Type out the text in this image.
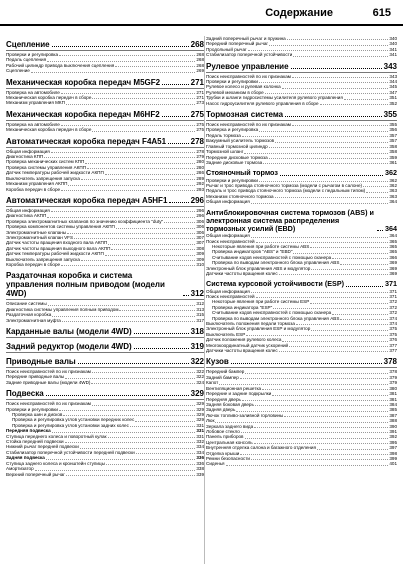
Содержание	615
Сцепление	268
Проверки и регулировка	268
Педаль сцепления	268
Рабочий цилиндр привода выключения сцепления	268
Сцепление	269
Механическая коробка передач M5GF2	271
Проверка на автомобиле	271
Механическая коробка передач в сборе	271
Механизм управления МКП	273
Механическая коробка передач M6HF2	275
Проверка на автомобиле	275
Механическая коробка передач в сборе	275
Автоматическая коробка передач F4A51	278
Общая информация	278
Диагностика КПП	279
Проверка механических систем КПП	280
Проверка системы управления АКПП	280
Датчик температуры рабочей жидкости АКПП	286
Выключатель запрещения запуска	289
Механизм управления АКПП	292
Коробка передач в сборе	293
Автоматическая коробка передач A5HF1	296
Общая информация	296
Диагностика АКПП	296
Проверка электромагнитных клапанов по значению коэффициента "duty"	306
Проверка компонентов системы управления АКПП	306
Электромагнитные клапаны	306
Электромагнитный клапан VFS	307
Датчик частоты вращения входного вала АКПП	307
Датчик частоты вращения выходного вала АКПП	308
Датчик температуры рабочей жидкости АКПП	309
Выключатель запрещения запуска	309
Коробка передач в сборе	310
Раздаточная коробка и система управления полным приводом (модели 4WD)	312
Описание системы	312
Диагностика системы управления полным приводом	313
Раздаточная коробка	315
Электромагнитная муфта	317
Карданные валы (модели 4WD)	318
Задний редуктор (модели 4WD)	319
Приводные валы	322
Поиск неисправностей по их признакам	322
Передние приводные валы	322
Задние приводные валы (модели 4WD)	324
Подвеска	329
Поиск неисправностей по их признакам	329
Проверки и регулировки	329
Проверка шин и дисков	329
Проверка и регулировка углов установки передних колес	329
Проверка и регулировка углов установки задних колес	331
Передняя подвеска	331
Ступица переднего колеса и поворотный кулак	331
Стойка передней подвески	332
Нижний рычаг передней подвески	334
Стабилизатор поперечной устойчивости передней подвески	334
Задняя подвеска	336
Ступица заднего колеса и кронштейн ступицы	336
Амортизатор	338
Верхний поперечный рычаг	339
Задний поперечный рычаг и пружина	340
Передний поперечный рычаг	340
Продольный рычаг	341
Стабилизатор поперечной устойчивости	341
Рулевое управление	343
Поиск неисправностей по их признакам	343
Проверки и регулировки	344
Рулевое колесо и рулевая колонка	345
Рулевой механизм в сборе	347
Трубки и шланги гидросистемы усилителя рулевого управления	351
Насос гидроусилителя рулевого управления в сборе	352
Тормозная система	355
Поиск неисправностей по их признакам	355
Проверка и регулировка	356
Педаль тормоза	357
Вакуумный усилитель тормозов	357
Главный тормозной цилиндр	358
Тормозной шланг	358
Передние дисковые тормоза	359
Задние дисковые тормоза	361
Стояночный тормоз	362
Проверки и регулировки	362
Рычаг и трос привода стояночного тормоза (модели с рычагом в салоне)	362
Педаль и трос привода стояночного тормоза (модели с педальным типом)	363
Механизм стояночного тормоза	363
Общая информация	364
Антиблокировочная система тормозов (ABS) и электронная система распределения тормозных усилий (EBD)	364
Общая информация	364
Поиск неисправностей	365
Некоторые явления при работе системы ABS	365
Проверка индикаторов "ABS" и "EBD"	365
Считывание кодов неисправностей с помощью сканера	366
Проверка по выводам электронного блока управления ABS	369
Электронный блок управления ABS и модулятор	369
Датчики частоты вращения колес	369
Система курсовой устойчивости (ESP)	371
Общая информация	371
Поиск неисправностей	371
Некоторые явления при работе системы ESP	372
Проверка индикатора "ESP"	372
Считывание кодов неисправностей с помощью сканера	372
Проверка по выводам электронного блока управления ABS	374
Выключатель положения педали тормоза	374
Электронный блок управления ESP и модулятор	375
Выключатель ESP	375
Датчик положения рулевого колеса	376
Многокоординатный датчик ускорений	377
Датчики частоты вращения колес	377
Кузов	378
Передний бампер	378
Задний бампер	379
Капот	379
Вентиляционная решетка	380
Передние и задние подкрылки	381
Передняя дверь	381
Задняя боковая дверь	384
Задняя дверь	385
Лючок топливо-заливной горловины	387
Люк	388
Зеркала заднего вида	390
Лобовое стекло	391
Панель приборов	392
Центральная консоль	395
Внутренняя отделка салона и багажного отделения	397
Отделка крыши	398
Ремни безопасности	399
Сиденья	401
